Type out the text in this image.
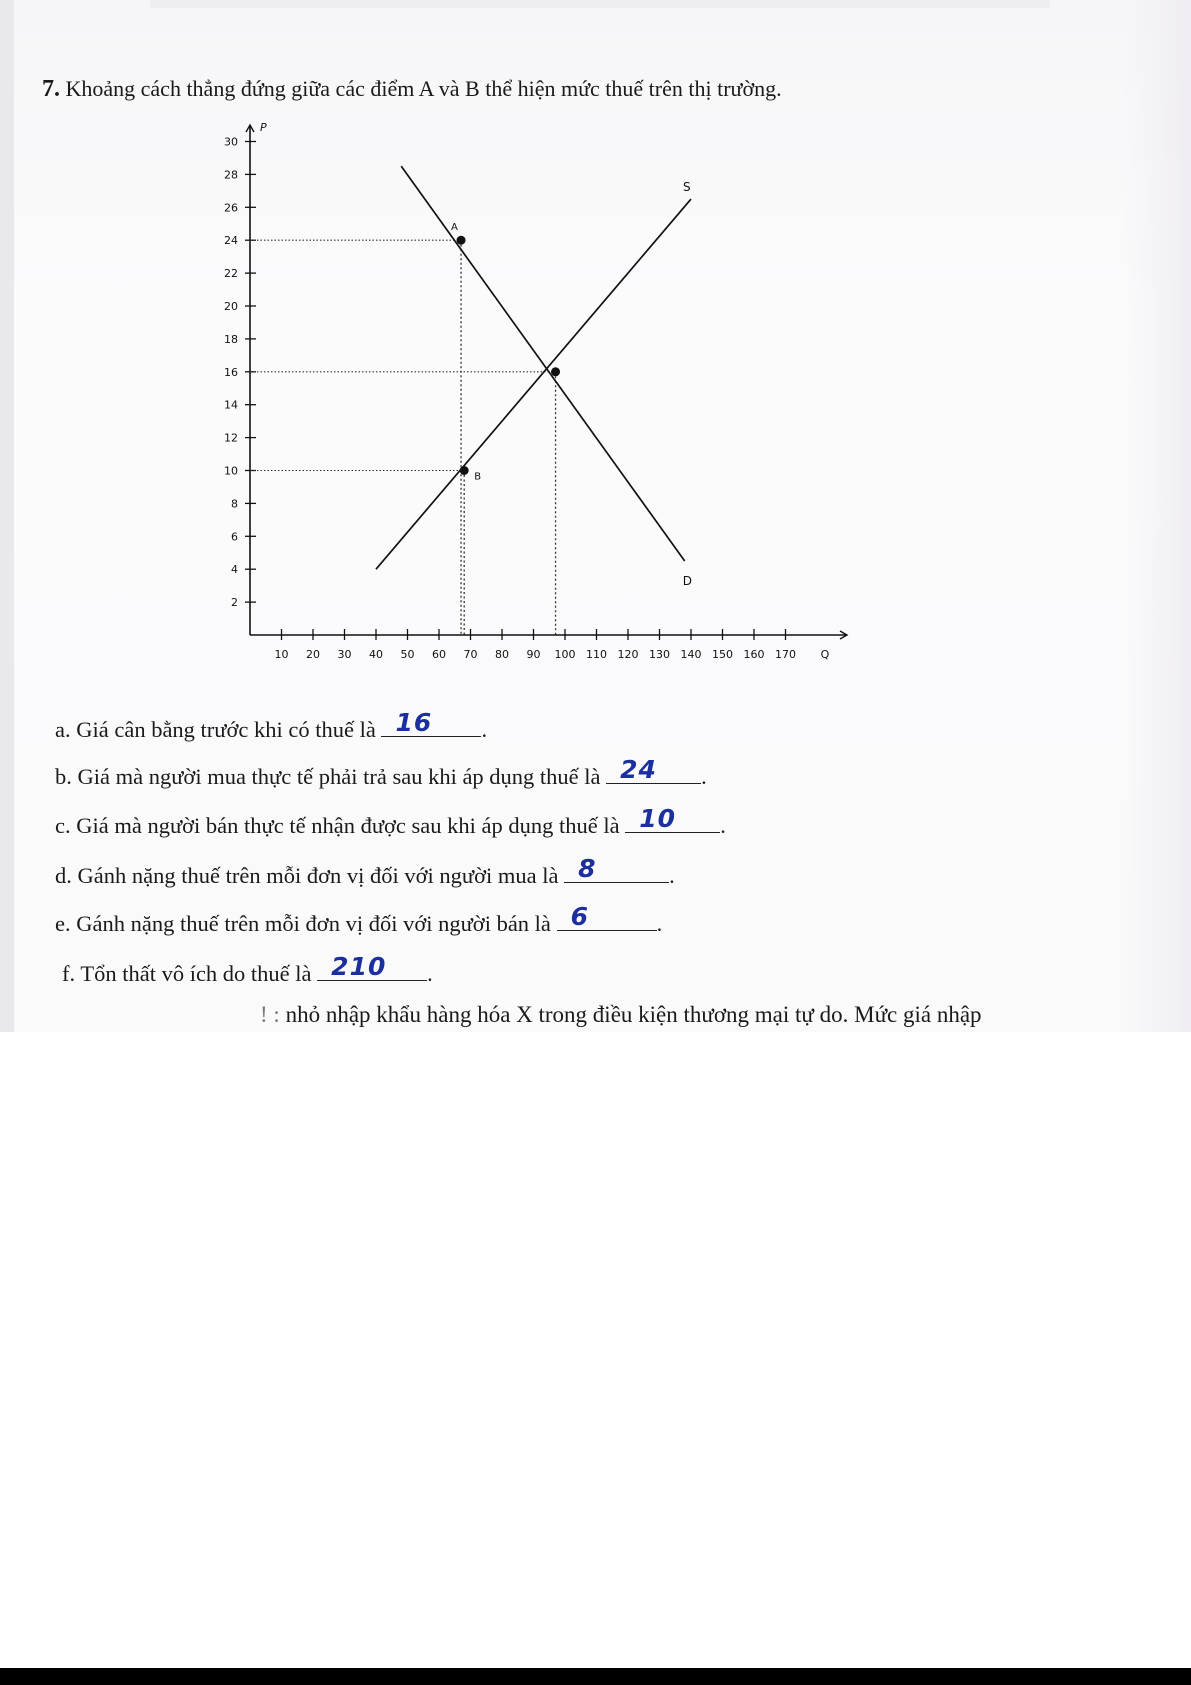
7. Khoảng cách thẳng đứng giữa các điểm A và B thể hiện mức thuế trên thị trường.
P
2
4
6
8
10
12
14
16
18
20
22
24
26
28
30
10 20 30 40 50 60 70 80 90 100 110 120 130 140 150 160 170 Q
S
D
A
B
a. Giá cân bằng trước khi có thuế là 16 .
b. Giá mà người mua thực tế phải trả sau khi áp dụng thuế là 24 .
c. Giá mà người bán thực tế nhận được sau khi áp dụng thuế là 10 .
d. Gánh nặng thuế trên mỗi đơn vị đối với người mua là 8	.
e. Gánh nặng thuế trên mỗi đơn vị đối với người bán là 6	.
f. Tổn thất vô ích do thuế là 210 .
! : nhỏ nhập khẩu hàng hóa X trong điều kiện thương mại tự do. Mức giá nhập
